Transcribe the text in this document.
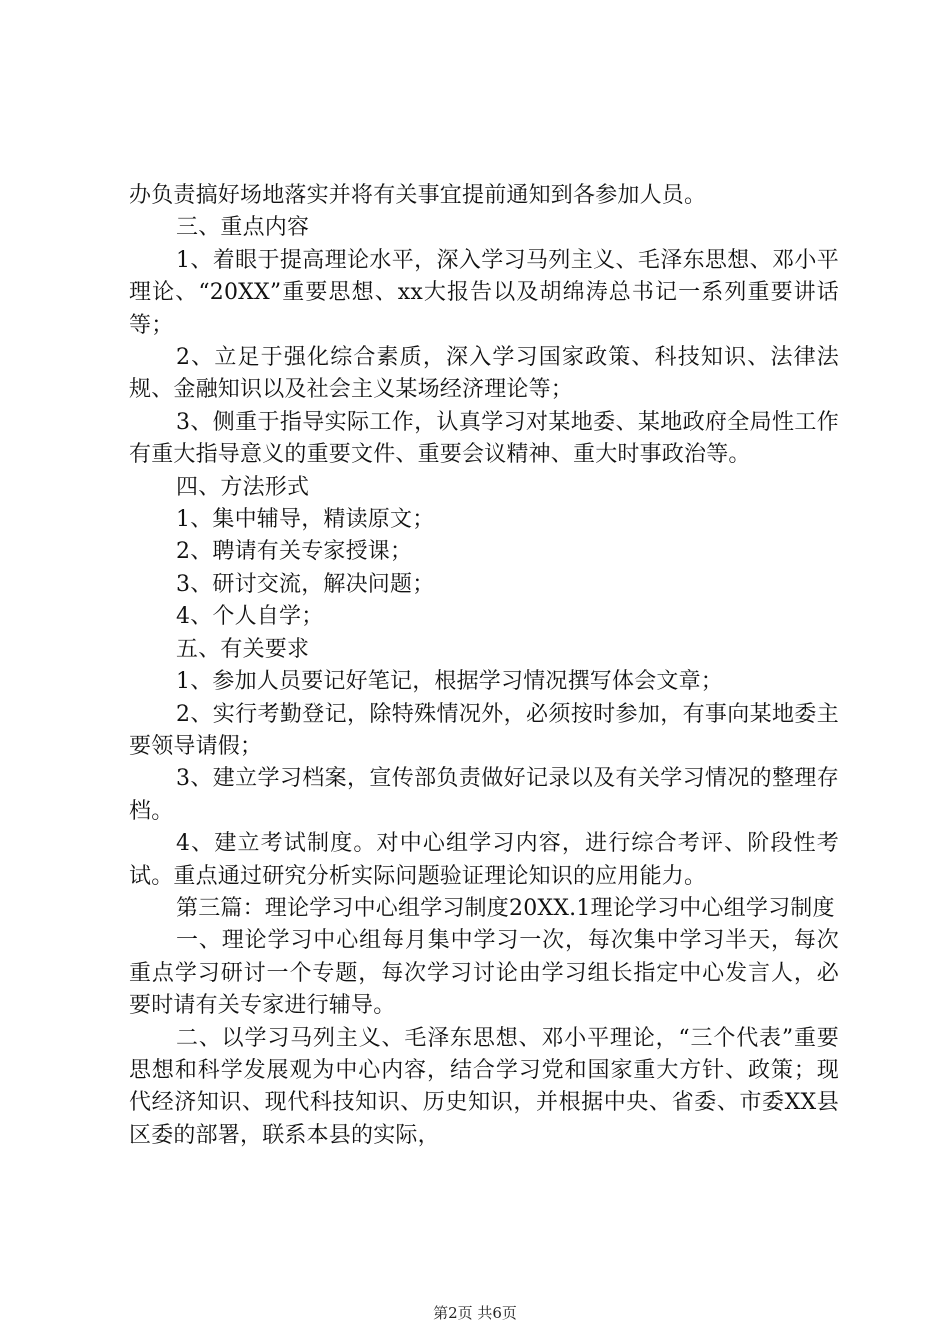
办负责搞好场地落实并将有关事宜提前通知到各参加人员。

三、重点内容

1、着眼于提高理论水平，深入学习马列主义、毛泽东思想、邓小平理论、“20XX”重要思想、xx大报告以及胡绵涛总书记一系列重要讲话等；

2、立足于强化综合素质，深入学习国家政策、科技知识、法律法规、金融知识以及社会主义某场经济理论等；

3、侧重于指导实际工作，认真学习对某地委、某地政府全局性工作有重大指导意义的重要文件、重要会议精神、重大时事政治等。

四、方法形式

1、集中辅导，精读原文；

2、聘请有关专家授课；

3、研讨交流，解决问题；

4、个人自学；

五、有关要求

1、参加人员要记好笔记，根据学习情况撰写体会文章；

2、实行考勤登记，除特殊情况外，必须按时参加，有事向某地委主要领导请假；

3、建立学习档案，宣传部负责做好记录以及有关学习情况的整理存档。

4、建立考试制度。对中心组学习内容，进行综合考评、阶段性考试。重点通过研究分析实际问题验证理论知识的应用能力。

第三篇：理论学习中心组学习制度20XX.1理论学习中心组学习制度

一、理论学习中心组每月集中学习一次，每次集中学习半天，每次重点学习研讨一个专题，每次学习讨论由学习组长指定中心发言人，必要时请有关专家进行辅导。

二、以学习马列主义、毛泽东思想、邓小平理论，“三个代表”重要思想和科学发展观为中心内容，结合学习党和国家重大方针、政策；现代经济知识、现代科技知识、历史知识，并根据中央、省委、市委XX县区委的部署，联系本县的实际，

第2页 共6页
